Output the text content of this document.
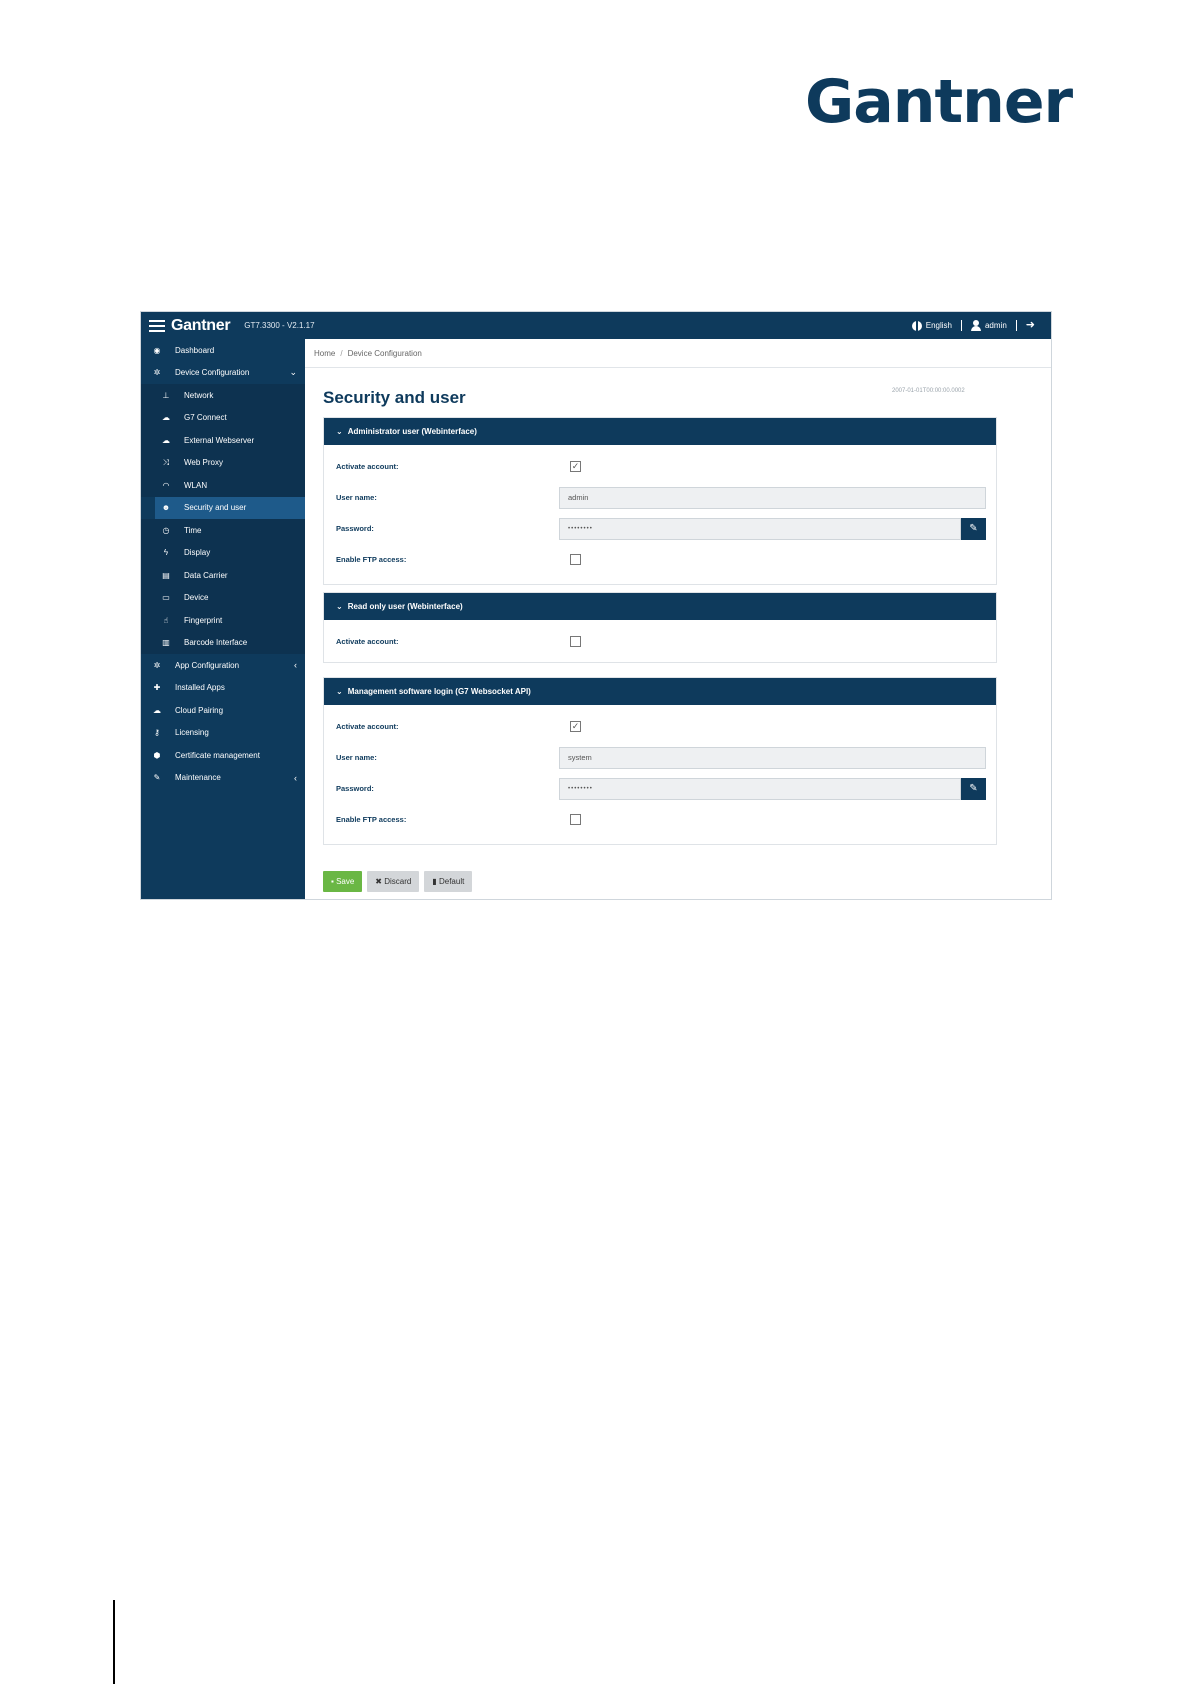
Gantner
Gantner GT7.3300 - V2.1.17	English	admin ➜
◉	Dashboard
✲	Device Configuration	⌄
⊥	Network
☁ G7 Connect
☁ External Webserver
⤨	Web Proxy
◠	WLAN
☻ Security and user
◷	Time
ϟ	Display
▤ Data Carrier
▭ Device
☝	Fingerprint
▥ Barcode Interface
✲	App Configuration	‹
✚	Installed Apps
☁ Cloud Pairing
⚷	Licensing
⬢	Certificate management
✎	Maintenance	‹
Home / Device Configuration
Security and user	2007-01-01T00:00:00.0002
⌄ Administrator user (Webinterface)
Activate account:	✓
User name:	admin
Password:	••••••••	✎
Enable FTP access:
⌄ Read only user (Webinterface)
Activate account:
⌄ Management software login (G7 Websocket API)
Activate account:	✓
User name:	system
Password:	••••••••	✎
Enable FTP access:
▪ Save	✖ Discard	▮ Default
